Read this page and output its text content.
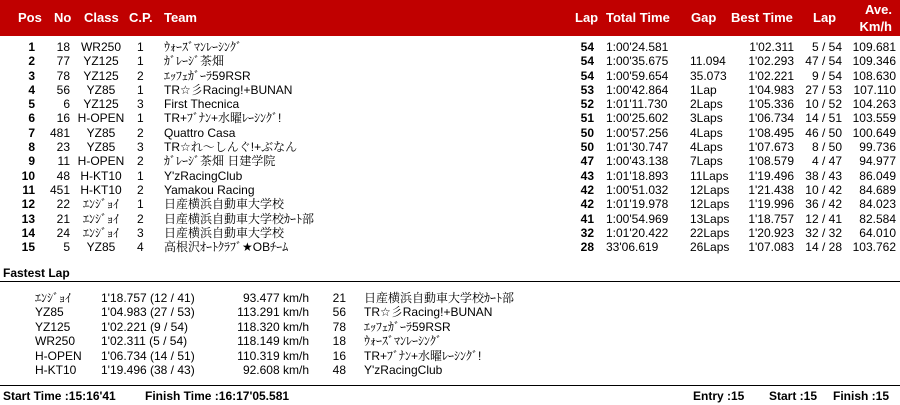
Pos No Class C.P. Team	Lap Total Time Gap Best Time Lap
Ave.
Km/h
1	18 WR250	1 ｳｫｰｽﾞﾏﾝﾚｰｼﾝｸﾞ	54 1:00'24.581	1'02.311	5 / 54 109.681
2	77	YZ125	1 ｶﾞﾚｰｼﾞ茶畑	54 1:00'35.675 11.094	1'02.293 47 / 54 109.346
3	78	YZ125	2 ｴｯﾌｪｶﾞｰﾗ59RSR	54 1:00'59.654 35.073	1'02.221	9 / 54 108.630
4	56	YZ85	1 TR☆彡Racing!+BUNAN	53 1:00'42.864 1Lap	1'04.983 27 / 53 107.110
5	6	YZ125	3 First Thecnica	52 1:01'11.730 2Laps	1'05.336 10 / 52 104.263
6	16 H-OPEN	1 TR+ﾌﾞﾅﾝ+水曜ﾚｰｼﾝｸﾞ!	51 1:00'25.602 3Laps	1'06.734 14 / 51 103.559
7	481	YZ85	2 Quattro Casa	50 1:00'57.256 4Laps	1'08.495 46 / 50 100.649
8	23	YZ85	3 TR☆れ～しんぐ!+ぶなん	50 1:01'30.747 4Laps	1'07.673	8 / 50	99.736
9	11 H-OPEN	2 ｶﾞﾚｰｼﾞ茶畑 日建学院	47 1:00'43.138 7Laps	1'08.579	4 / 47	94.977
10	48 H-KT10	1 Y'zRacingClub	43 1:01'18.893 11Laps	1'19.496 38 / 43	86.049
11	451 H-KT10	2 Yamakou Racing	42 1:00'51.032 12Laps	1'21.438 10 / 42	84.689
12	22	ｴﾝｼﾞｮｲ	1 日産横浜自動車大学校	42 1:01'19.978 12Laps	1'19.996 36 / 42	84.023
13	21	ｴﾝｼﾞｮｲ	2 日産横浜自動車大学校ｶｰﾄ部	41 1:00'54.969 13Laps	1'18.757 12 / 41	82.584
14	24	ｴﾝｼﾞｮｲ	3 日産横浜自動車大学校	32 1:01'20.422 22Laps	1'20.923 32 / 32	64.010
15	5	YZ85	4 高根沢ｵｰﾄｸﾗﾌﾞ★OBﾁｰﾑ	28 33'06.619	26Laps	1'07.083 14 / 28 103.762
Fastest Lap
ｴﾝｼﾞｮｲ 1'18.757 (12 / 41)	93.477 km/h	21 日産横浜自動車大学校ｶｰﾄ部
YZ85	1'04.983 (27 / 53)	113.291 km/h	56 TR☆彡Racing!+BUNAN
YZ125	1'02.221 (9 / 54)	118.320 km/h	78 ｴｯﾌｪｶﾞｰﾗ59RSR
WR250 1'02.311 (5 / 54)	118.149 km/h	18 ｳｫｰｽﾞﾏﾝﾚｰｼﾝｸﾞ
H-OPEN 1'06.734 (14 / 51)	110.319 km/h	16 TR+ﾌﾞﾅﾝ+水曜ﾚｰｼﾝｸﾞ!
H-KT10 1'19.496 (38 / 43)	92.608 km/h	48 Y'zRacingClub
Start Time :15:16'41 Finish Time :16:17'05.581	Entry :15 Start :15 Finish :15
